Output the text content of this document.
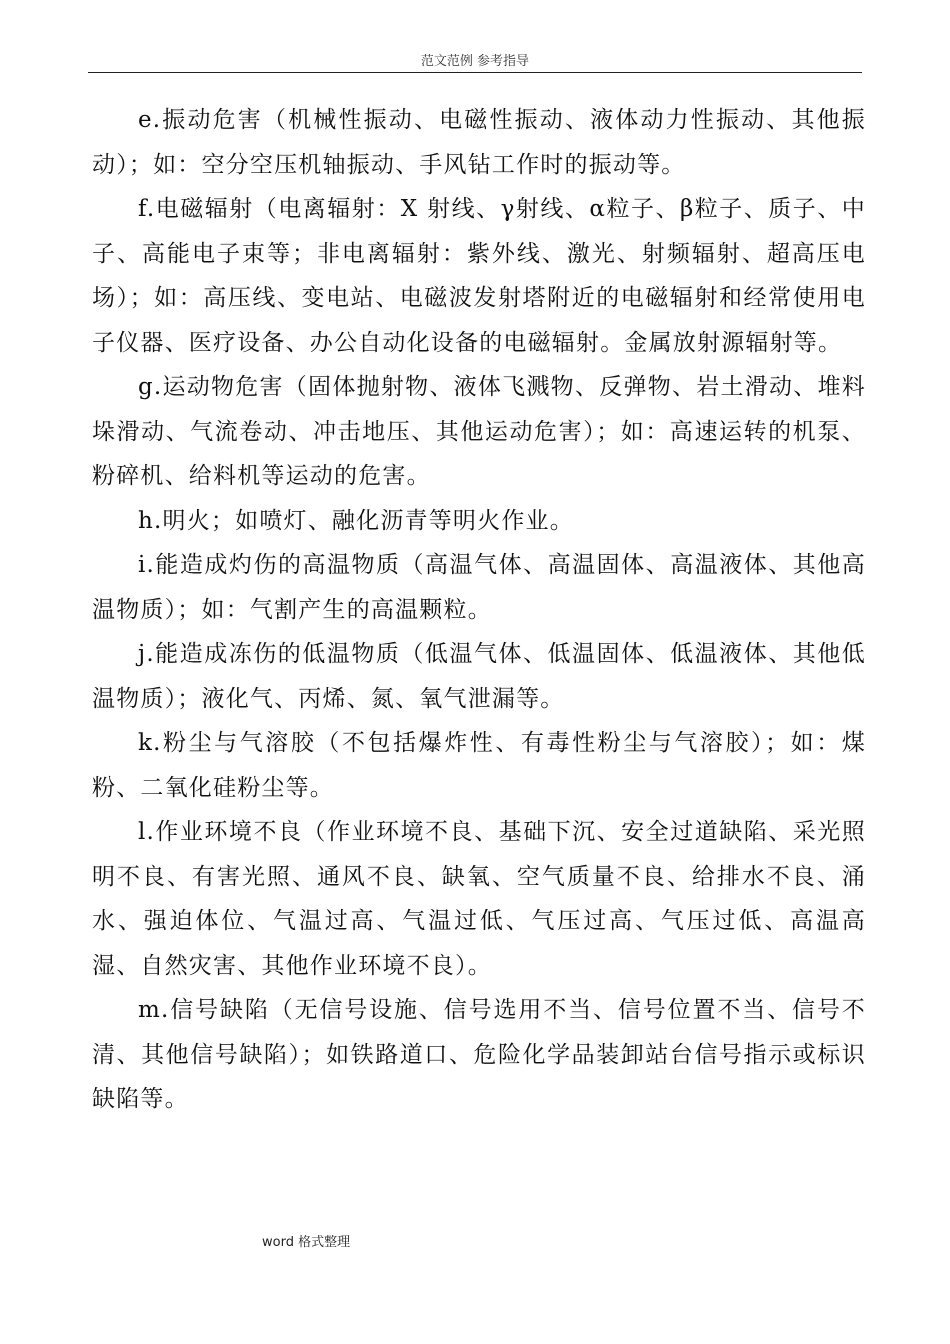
范文范例 参考指导

e.振动危害（机械性振动、电磁性振动、液体动力性振动、其他振动）；如：空分空压机轴振动、手风钻工作时的振动等。

f.电磁辐射（电离辐射：X 射线、γ射线、α粒子、β粒子、质子、中子、高能电子束等；非电离辐射：紫外线、激光、射频辐射、超高压电场）；如：高压线、变电站、电磁波发射塔附近的电磁辐射和经常使用电子仪器、医疗设备、办公自动化设备的电磁辐射。金属放射源辐射等。

g.运动物危害（固体抛射物、液体飞溅物、反弹物、岩土滑动、堆料垛滑动、气流卷动、冲击地压、其他运动危害）；如：高速运转的机泵、粉碎机、给料机等运动的危害。

h.明火；如喷灯、融化沥青等明火作业。

i.能造成灼伤的高温物质（高温气体、高温固体、高温液体、其他高温物质）；如：气割产生的高温颗粒。

j.能造成冻伤的低温物质（低温气体、低温固体、低温液体、其他低温物质）；液化气、丙烯、氮、氧气泄漏等。

k.粉尘与气溶胶（不包括爆炸性、有毒性粉尘与气溶胶）；如：煤粉、二氧化硅粉尘等。

l.作业环境不良（作业环境不良、基础下沉、安全过道缺陷、采光照明不良、有害光照、通风不良、缺氧、空气质量不良、给排水不良、涌水、强迫体位、气温过高、气温过低、气压过高、气压过低、高温高湿、自然灾害、其他作业环境不良）。

m.信号缺陷（无信号设施、信号选用不当、信号位置不当、信号不清、其他信号缺陷）；如铁路道口、危险化学品装卸站台信号指示或标识缺陷等。

word 格式整理
